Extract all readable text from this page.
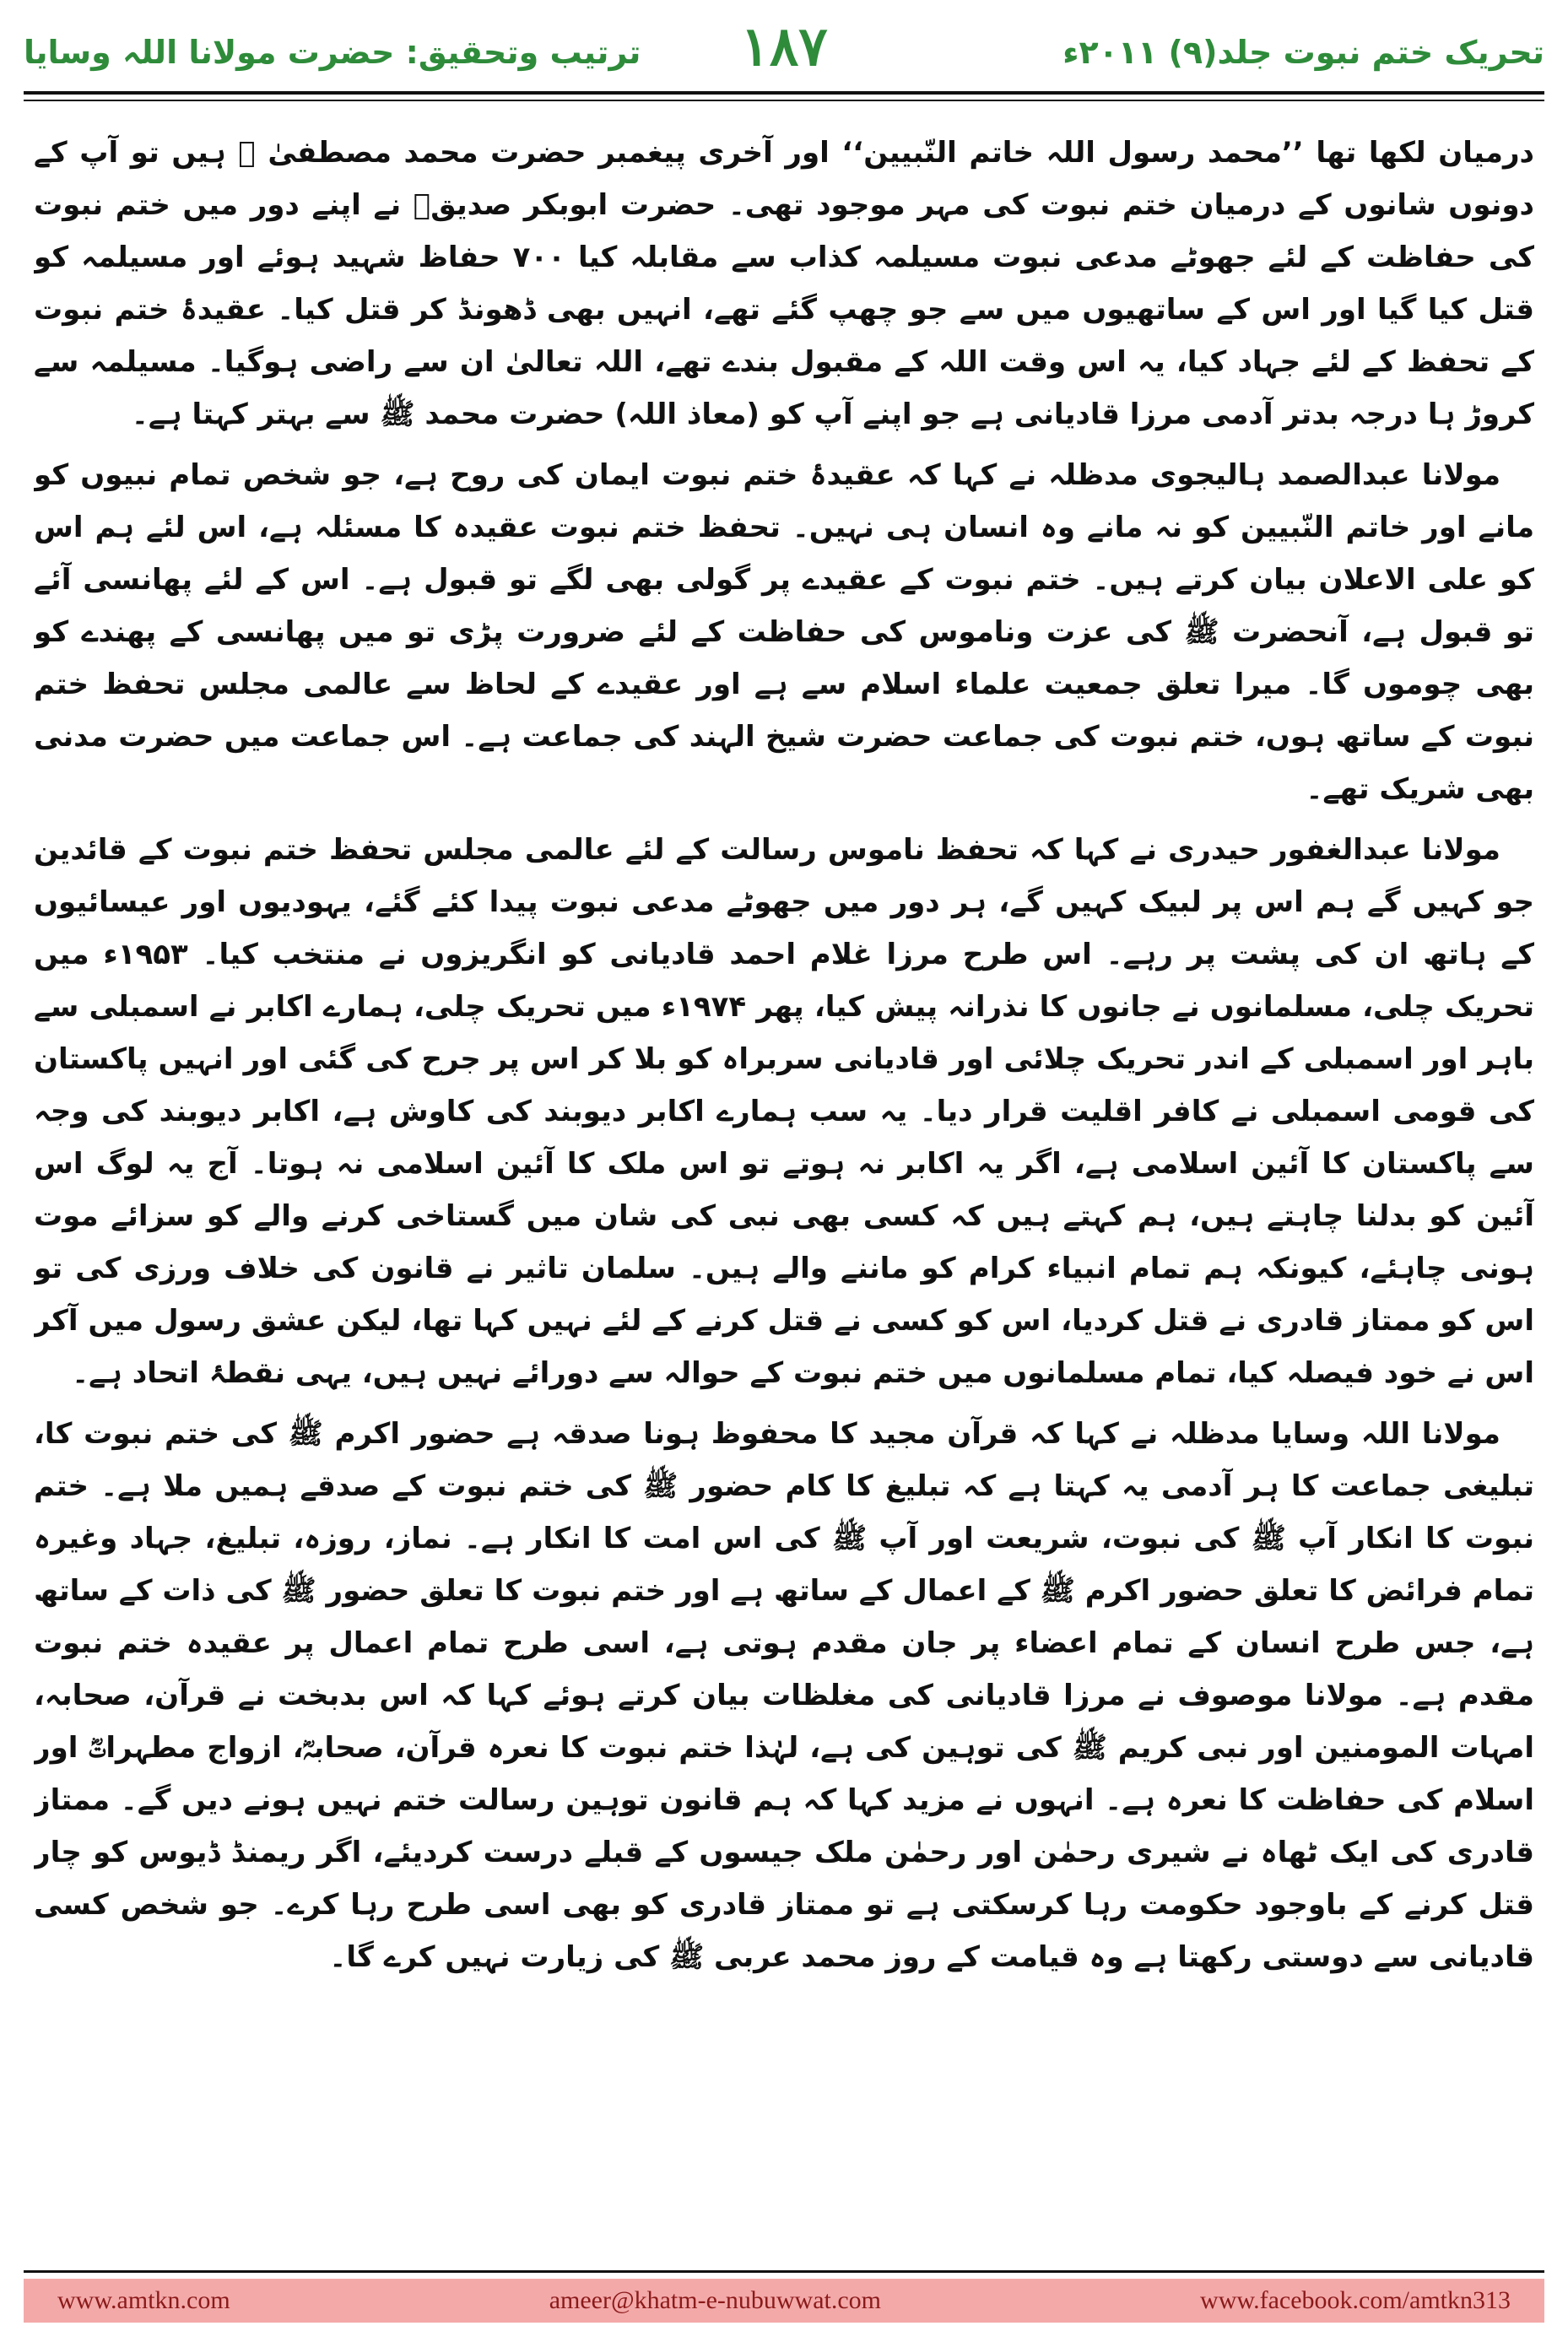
ترتیب وتحقیق: حضرت مولانا اللہ وسایا	۱۸۷	تحریک ختم نبوت جلد(۹) ۲۰۱۱ء

درمیان لکھا تھا ’’محمد رسول اللہ خاتم النّبیین‘‘ اور آخری پیغمبر حضرت محمد مصطفیٰ ﷺ ہیں تو آپ کے دونوں شانوں کے درمیان ختم نبوت کی مہر موجود تھی۔ حضرت ابوبکر صدیقؓ نے اپنے دور میں ختم نبوت کی حفاظت کے لئے جھوٹے مدعی نبوت مسیلمہ کذاب سے مقابلہ کیا ۷۰۰ حفاظ شہید ہوئے اور مسیلمہ کو قتل کیا گیا اور اس کے ساتھیوں میں سے جو چھپ گئے تھے، انہیں بھی ڈھونڈ کر قتل کیا۔ عقیدۂ ختم نبوت کے تحفظ کے لئے جہاد کیا، یہ اس وقت اللہ کے مقبول بندے تھے، اللہ تعالیٰ ان سے راضی ہوگیا۔ مسیلمہ سے کروڑ ہا درجہ بدتر آدمی مرزا قادیانی ہے جو اپنے آپ کو (معاذ اللہ) حضرت محمد ﷺ سے بہتر کہتا ہے۔

مولانا عبدالصمد ہالیجوی مدظلہ نے کہا کہ عقیدۂ ختم نبوت ایمان کی روح ہے، جو شخص تمام نبیوں کو مانے اور خاتم النّبیین کو نہ مانے وہ انسان ہی نہیں۔ تحفظ ختم نبوت عقیدہ کا مسئلہ ہے، اس لئے ہم اس کو علی الاعلان بیان کرتے ہیں۔ ختم نبوت کے عقیدے پر گولی بھی لگے تو قبول ہے۔ اس کے لئے پھانسی آئے تو قبول ہے، آنحضرت ﷺ کی عزت وناموس کی حفاظت کے لئے ضرورت پڑی تو میں پھانسی کے پھندے کو بھی چوموں گا۔ میرا تعلق جمعیت علماء اسلام سے ہے اور عقیدے کے لحاظ سے عالمی مجلس تحفظ ختم نبوت کے ساتھ ہوں، ختم نبوت کی جماعت حضرت شیخ الہند کی جماعت ہے۔ اس جماعت میں حضرت مدنی بھی شریک تھے۔

مولانا عبدالغفور حیدری نے کہا کہ تحفظ ناموس رسالت کے لئے عالمی مجلس تحفظ ختم نبوت کے قائدین جو کہیں گے ہم اس پر لبیک کہیں گے، ہر دور میں جھوٹے مدعی نبوت پیدا کئے گئے، یہودیوں اور عیسائیوں کے ہاتھ ان کی پشت پر رہے۔ اس طرح مرزا غلام احمد قادیانی کو انگریزوں نے منتخب کیا۔ ۱۹۵۳ء میں تحریک چلی، مسلمانوں نے جانوں کا نذرانہ پیش کیا، پھر ۱۹۷۴ء میں تحریک چلی، ہمارے اکابر نے اسمبلی سے باہر اور اسمبلی کے اندر تحریک چلائی اور قادیانی سربراہ کو بلا کر اس پر جرح کی گئی اور انہیں پاکستان کی قومی اسمبلی نے کافر اقلیت قرار دیا۔ یہ سب ہمارے اکابر دیوبند کی کاوش ہے، اکابر دیوبند کی وجہ سے پاکستان کا آئین اسلامی ہے، اگر یہ اکابر نہ ہوتے تو اس ملک کا آئین اسلامی نہ ہوتا۔ آج یہ لوگ اس آئین کو بدلنا چاہتے ہیں، ہم کہتے ہیں کہ کسی بھی نبی کی شان میں گستاخی کرنے والے کو سزائے موت ہونی چاہئے، کیونکہ ہم تمام انبیاء کرام کو ماننے والے ہیں۔ سلمان تاثیر نے قانون کی خلاف ورزی کی تو اس کو ممتاز قادری نے قتل کردیا، اس کو کسی نے قتل کرنے کے لئے نہیں کہا تھا، لیکن عشق رسول میں آکر اس نے خود فیصلہ کیا، تمام مسلمانوں میں ختم نبوت کے حوالہ سے دورائے نہیں ہیں، یہی نقطۂ اتحاد ہے۔

مولانا اللہ وسایا مدظلہ نے کہا کہ قرآن مجید کا محفوظ ہونا صدقہ ہے حضور اکرم ﷺ کی ختم نبوت کا، تبلیغی جماعت کا ہر آدمی یہ کہتا ہے کہ تبلیغ کا کام حضور ﷺ کی ختم نبوت کے صدقے ہمیں ملا ہے۔ ختم نبوت کا انکار آپ ﷺ کی نبوت، شریعت اور آپ ﷺ کی اس امت کا انکار ہے۔ نماز، روزہ، تبلیغ، جہاد وغیرہ تمام فرائض کا تعلق حضور اکرم ﷺ کے اعمال کے ساتھ ہے اور ختم نبوت کا تعلق حضور ﷺ کی ذات کے ساتھ ہے، جس طرح انسان کے تمام اعضاء پر جان مقدم ہوتی ہے، اسی طرح تمام اعمال پر عقیدہ ختم نبوت مقدم ہے۔ مولانا موصوف نے مرزا قادیانی کی مغلظات بیان کرتے ہوئے کہا کہ اس بدبخت نے قرآن، صحابہ، امہات المومنین اور نبی کریم ﷺ کی توہین کی ہے، لہٰذا ختم نبوت کا نعرہ قرآن، صحابہؓ، ازواج مطہراتؓ اور اسلام کی حفاظت کا نعرہ ہے۔ انہوں نے مزید کہا کہ ہم قانون توہین رسالت ختم نہیں ہونے دیں گے۔ ممتاز قادری کی ایک ٹھاہ نے شیری رحمٰن اور رحمٰن ملک جیسوں کے قبلے درست کردیئے، اگر ریمنڈ ڈیوس کو چار قتل کرنے کے باوجود حکومت رہا کرسکتی ہے تو ممتاز قادری کو بھی اسی طرح رہا کرے۔ جو شخص کسی قادیانی سے دوستی رکھتا ہے وہ قیامت کے روز محمد عربی ﷺ کی زیارت نہیں کرے گا۔

www.amtkn.com	ameer@khatm-e-nubuwwat.com	www.facebook.com/amtkn313
